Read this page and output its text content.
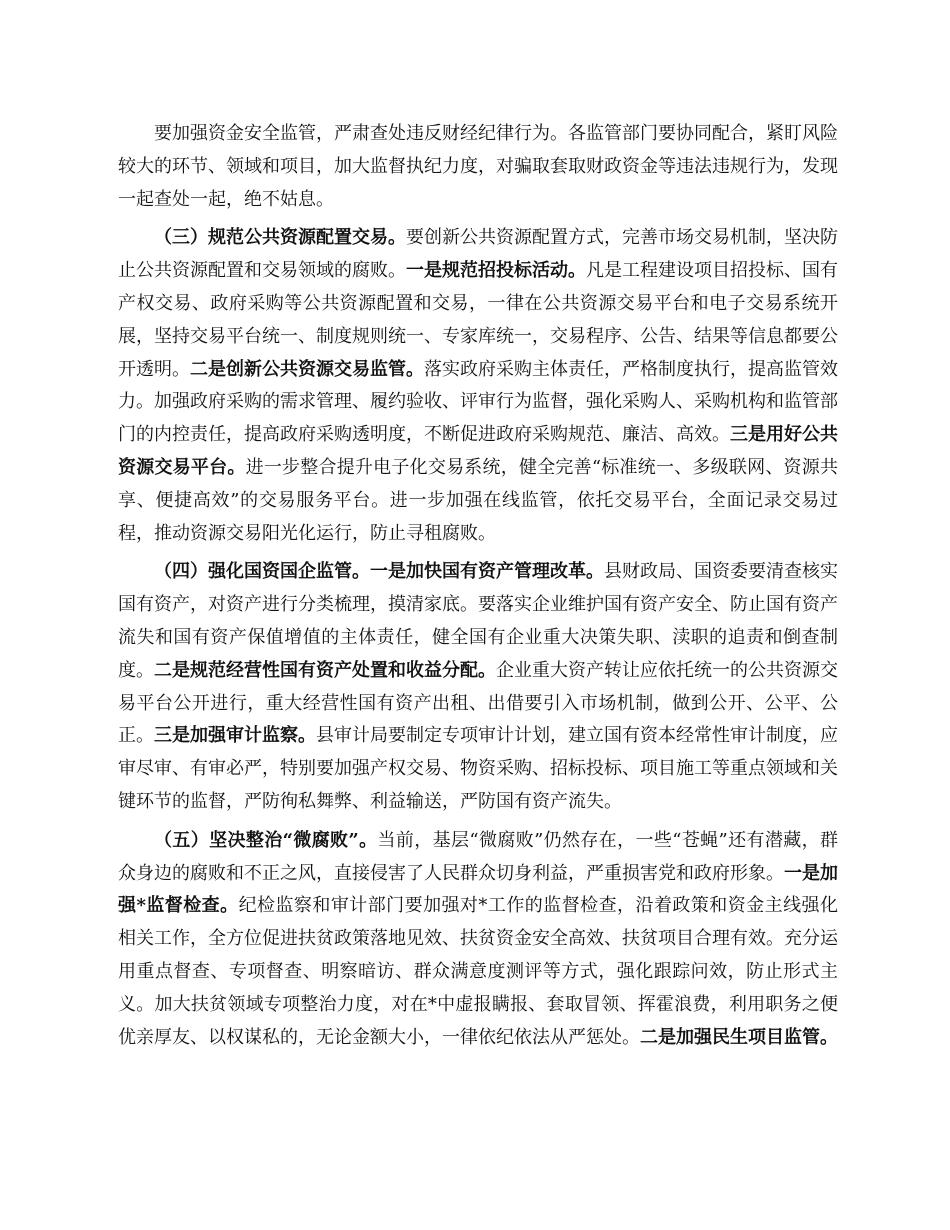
要加强资金安全监管，严肃查处违反财经纪律行为。各监管部门要协同配合，紧盯风险较大的环节、领域和项目，加大监督执纪力度，对骗取套取财政资金等违法违规行为，发现一起查处一起，绝不姑息。

（三）规范公共资源配置交易。要创新公共资源配置方式，完善市场交易机制，坚决防止公共资源配置和交易领域的腐败。一是规范招投标活动。凡是工程建设项目招投标、国有产权交易、政府采购等公共资源配置和交易，一律在公共资源交易平台和电子交易系统开展，坚持交易平台统一、制度规则统一、专家库统一，交易程序、公告、结果等信息都要公开透明。二是创新公共资源交易监管。落实政府采购主体责任，严格制度执行，提高监管效力。加强政府采购的需求管理、履约验收、评审行为监督，强化采购人、采购机构和监管部门的内控责任，提高政府采购透明度，不断促进政府采购规范、廉洁、高效。三是用好公共资源交易平台。进一步整合提升电子化交易系统，健全完善“标准统一、多级联网、资源共享、便捷高效”的交易服务平台。进一步加强在线监管，依托交易平台，全面记录交易过程，推动资源交易阳光化运行，防止寻租腐败。

（四）强化国资国企监管。一是加快国有资产管理改革。县财政局、国资委要清查核实国有资产，对资产进行分类梳理，摸清家底。要落实企业维护国有资产安全、防止国有资产流失和国有资产保值增值的主体责任，健全国有企业重大决策失职、渎职的追责和倒查制度。二是规范经营性国有资产处置和收益分配。企业重大资产转让应依托统一的公共资源交易平台公开进行，重大经营性国有资产出租、出借要引入市场机制，做到公开、公平、公正。三是加强审计监察。县审计局要制定专项审计计划，建立国有资本经常性审计制度，应审尽审、有审必严，特别要加强产权交易、物资采购、招标投标、项目施工等重点领域和关键环节的监督，严防徇私舞弊、利益输送，严防国有资产流失。

（五）坚决整治“微腐败”。当前，基层“微腐败”仍然存在，一些“苍蝇”还有潜藏，群众身边的腐败和不正之风，直接侵害了人民群众切身利益，严重损害党和政府形象。一是加强*监督检查。纪检监察和审计部门要加强对*工作的监督检查，沿着政策和资金主线强化相关工作，全方位促进扶贫政策落地见效、扶贫资金安全高效、扶贫项目合理有效。充分运用重点督查、专项督查、明察暗访、群众满意度测评等方式，强化跟踪问效，防止形式主义。加大扶贫领域专项整治力度，对在*中虚报瞒报、套取冒领、挥霍浪费，利用职务之便优亲厚友、以权谋私的，无论金额大小，一律依纪依法从严惩处。二是加强民生项目监管。
